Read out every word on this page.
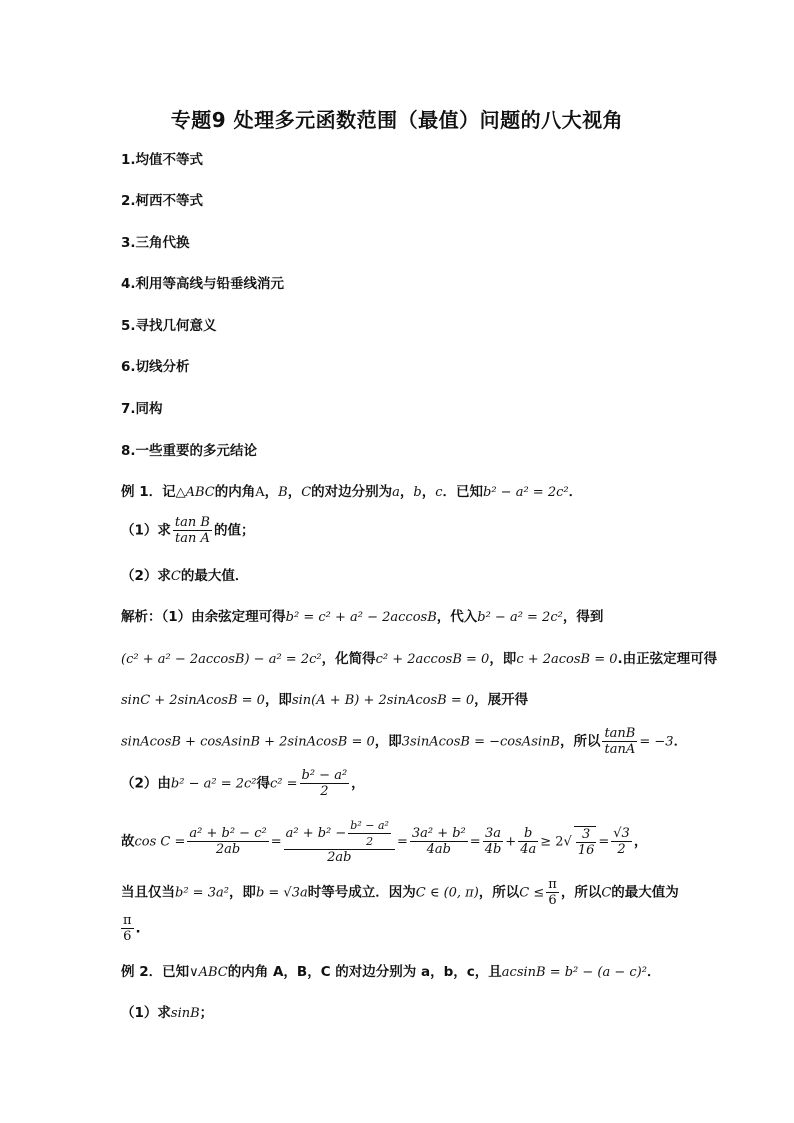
专题9 处理多元函数范围（最值）问题的八大视角
1.均值不等式
2.柯西不等式
3.三角代换
4.利用等高线与铅垂线消元
5.寻找几何意义
6.切线分析
7.同构
8.一些重要的多元结论
例 1．记△ABC的内角A，B，C的对边分别为a，b，c．已知b² − a² = 2c²．
（1）求 $\frac{\text{tan B}}{\text{tan A}}$ 的值；
（2）求C的最大值．
解析：（1）由余弦定理可得b² = c² + a² − 2accosB，代入b² − a² = 2c²，得到
(c² + a² − 2accosB) − a² = 2c²，化简得c² + 2accosB = 0，即c + 2acosB = 0.由正弦定理可得
sinC + 2sinAcosB = 0，即sin(A + B) + 2sinAcosB = 0，展开得
sinAcosB + cosAsinB + 2sinAcosB = 0，即3sinAcosB = −cosAsinB，所以 $\frac{\tan B}{\tan A} = -3$．
（2）由b² − a² = 2c²得$c^2 = \frac{\text{b² − a²}}{2}$ ，
故$\cos C = \frac{\text{a² + b² − c²}}{2ab} = \frac{a^2 + b^2 - \frac{\text{b² − a²}}{2}}{2ab} = \frac{\text{3a² + b²}}{4ab} = \frac{3a}{4b} + \frac{b}{4a} \ge 2√ \frac{3}{16} = \frac{√3}{2}$ ，
当且仅当b² = 3a²，即b = √3a时等号成立．因为C ∈ (0, π)，所以$C \le \frac{\pi}{6}$ ，所以C的最大值为
$\frac{\pi}{6}$ .
例 2．已知∨ABC的内角 A，B，C 的对边分别为 a，b，c，且acsinB = b² − (a − c)²．
（1）求sinB；
